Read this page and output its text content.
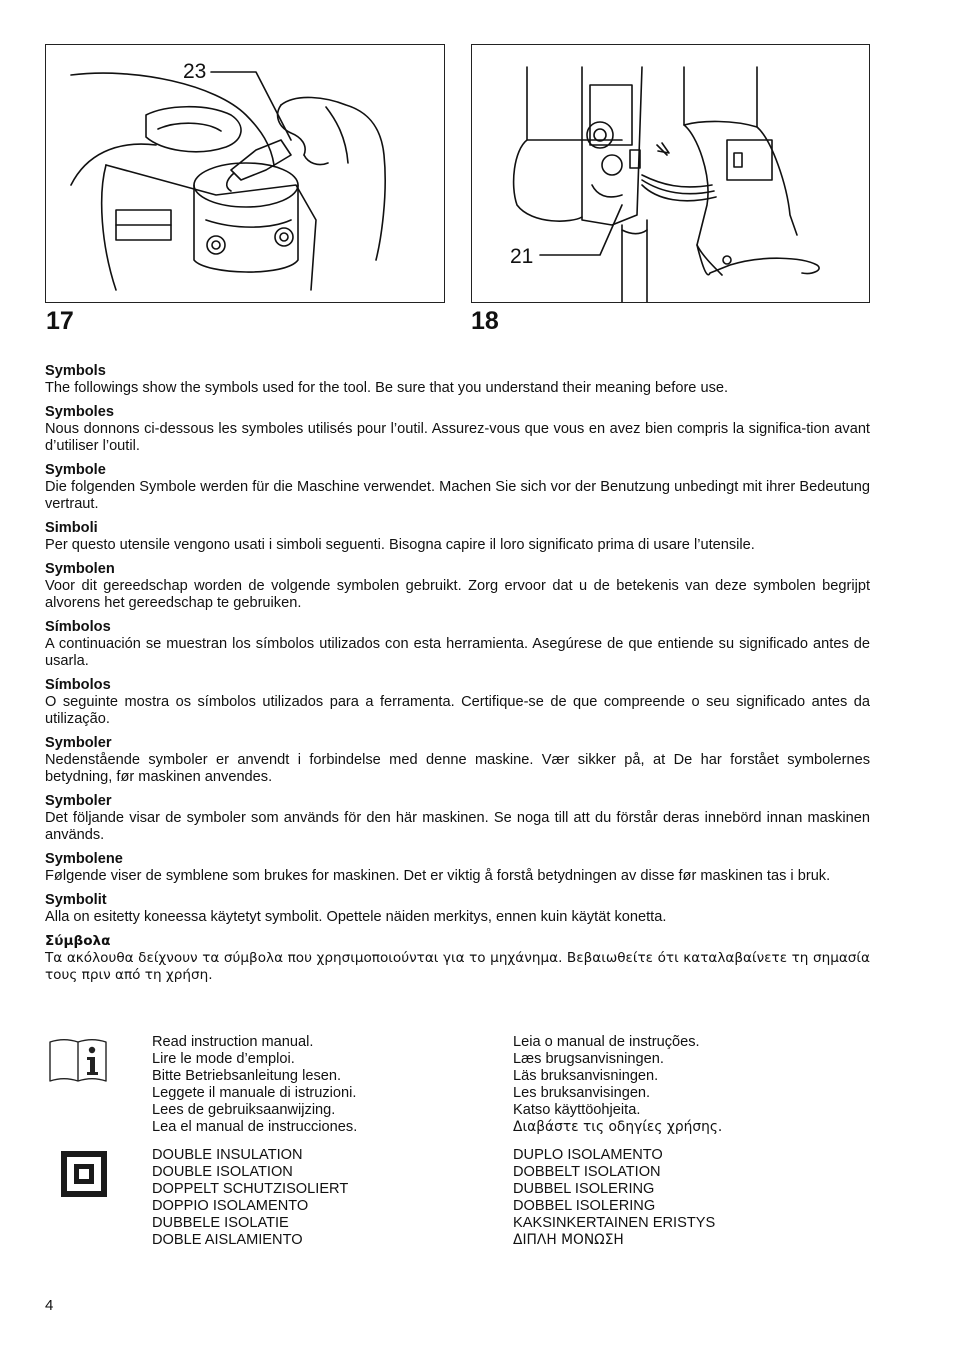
23
17
21
18

Symbols

The followings show the symbols used for the tool. Be sure that you understand their meaning before use.

Symboles

Nous donnons ci-dessous les symboles utilisés pour l’outil. Assurez-vous que vous en avez bien compris la significa-tion avant d’utiliser l’outil.

Symbole

Die folgenden Symbole werden für die Maschine verwendet. Machen Sie sich vor der Benutzung unbedingt mit ihrer Bedeutung vertraut.

Simboli

Per questo utensile vengono usati i simboli seguenti. Bisogna capire il loro significato prima di usare l’utensile.

Symbolen

Voor dit gereedschap worden de volgende symbolen gebruikt. Zorg ervoor dat u de betekenis van deze symbolen begrijpt alvorens het gereedschap te gebruiken.

Símbolos

A continuación se muestran los símbolos utilizados con esta herramienta. Asegúrese de que entiende su significado antes de usarla.

Símbolos

O seguinte mostra os símbolos utilizados para a ferramenta. Certifique-se de que compreende o seu significado antes da utilização.

Symboler

Nedenstående symboler er anvendt i forbindelse med denne maskine. Vær sikker på, at De har forstået symbolernes betydning, før maskinen anvendes.

Symboler

Det följande visar de symboler som används för den här maskinen. Se noga till att du förstår deras innebörd innan maskinen används.

Symbolene

Følgende viser de symblene som brukes for maskinen. Det er viktig å forstå betydningen av disse før maskinen tas i bruk.

Symbolit

Alla on esitetty koneessa käytetyt symbolit. Opettele näiden merkitys, ennen kuin käytät konetta.

Σύμβολα

Τα ακόλουθα δείχνουν τα σύμβολα που χρησιμοποιούνται για το μηχάνημα. Βεβαιωθείτε ότι καταλαβαίνετε τη σημασία τους πριν από τη χρήση.

Read instruction manual.
Lire le mode d’emploi.
Bitte Betriebsanleitung lesen.
Leggete il manuale di istruzioni.
Lees de gebruiksaanwijzing.
Lea el manual de instrucciones.
Leia o manual de instruções.
Læs brugsanvisningen.
Läs bruksanvisningen.
Les bruksanvisingen.
Katso käyttöohjeita.
Διαβάστε τις οδηγίες χρήσης.
DOUBLE INSULATION
DOUBLE ISOLATION
DOPPELT SCHUTZISOLIERT
DOPPIO ISOLAMENTO
DUBBELE ISOLATIE
DOBLE AISLAMIENTO
DUPLO ISOLAMENTO
DOBBELT ISOLATION
DUBBEL ISOLERING
DOBBEL ISOLERING
KAKSINKERTAINEN ERISTYS
ΔΙΠΛΗ ΜΟΝΩΣΗ
4
